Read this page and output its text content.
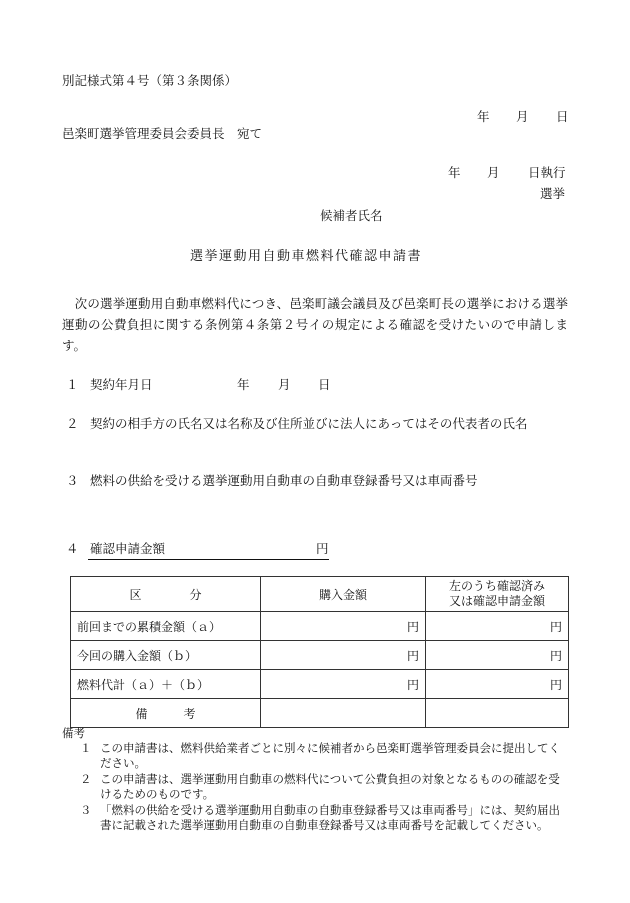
別記様式第４号（第３条関係）
年 月 日
邑楽町選挙管理委員会委員長　宛て
年 月 日執行
選挙
候補者氏名
選挙運動用自動車燃料代確認申請書
　次の選挙運動用自動車燃料代につき、邑楽町議会議員及び邑楽町長の選挙における選挙運動の公費負担に関する条例第４条第２号イの規定による確認を受けたいので申請します。
１ 契約年月日	年 月 日
２ 契約の相手方の氏名又は名称及び住所並びに法人にあってはその代表者の氏名
３ 燃料の供給を受ける選挙運動用自動車の自動車登録番号又は車両番号
４ 確認申請金額	円
区　　　　分	購入金額	左のうち確認済み
又は確認申請金額

前回までの累積金額（ａ）	円	円
今回の購入金額（ｂ）	円	円
燃料代計（ａ）＋（ｂ）	円	円
備　　　考		
備考
１ この申請書は、燃料供給業者ごとに別々に候補者から邑楽町選挙管理委員会に提出してください。
２ この申請書は、選挙運動用自動車の燃料代について公費負担の対象となるものの確認を受けるためのものです。
３ 「燃料の供給を受ける選挙運動用自動車の自動車登録番号又は車両番号」には、契約届出書に記載された選挙運動用自動車の自動車登録番号又は車両番号を記載してください。
